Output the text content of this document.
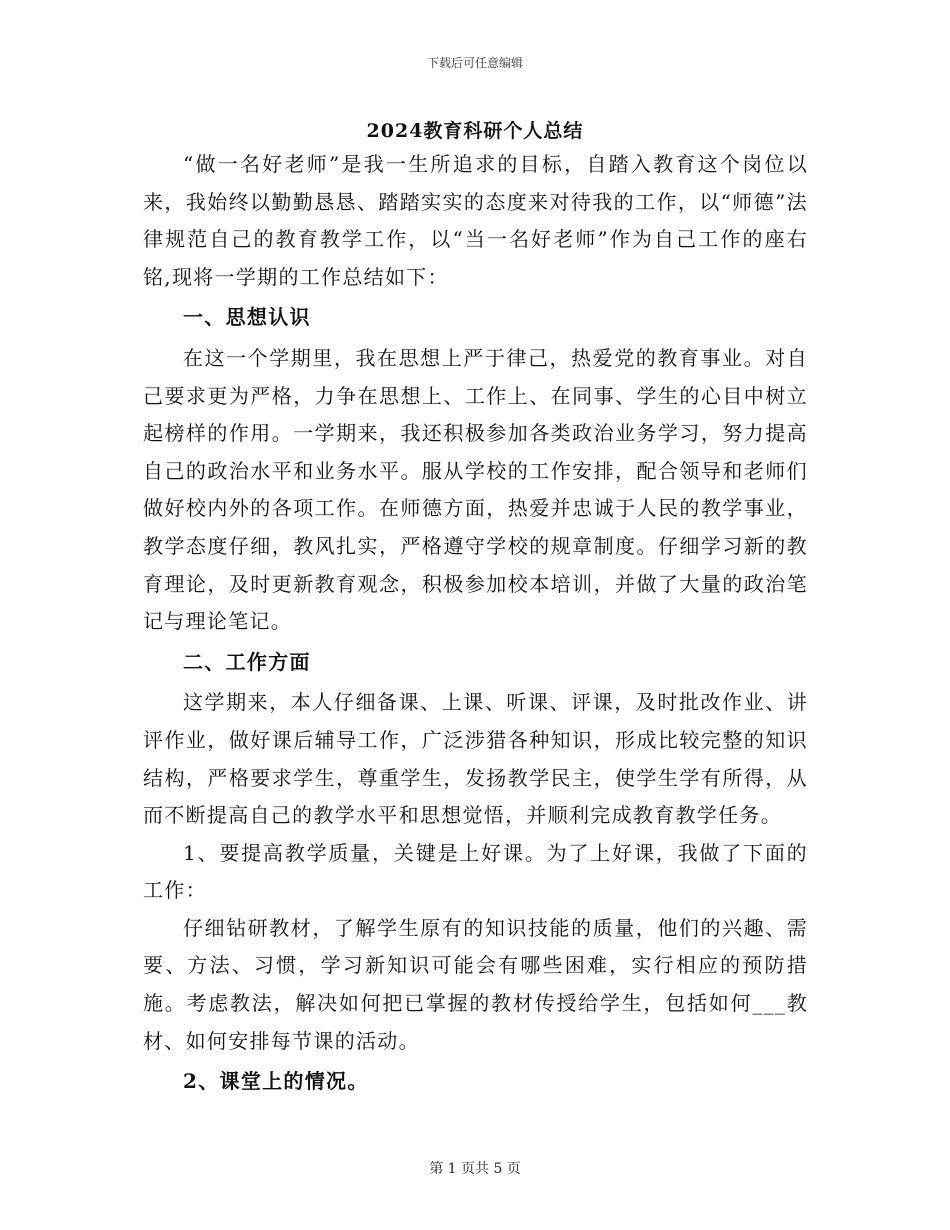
下载后可任意编辑
2024教育科研个人总结

“做一名好老师”是我一生所追求的目标，自踏入教育这个岗位以来，我始终以勤勤恳恳、踏踏实实的态度来对待我的工作，以“师德”法律规范自己的教育教学工作，以“当一名好老师”作为自己工作的座右铭,现将一学期的工作总结如下：

一、思想认识

在这一个学期里，我在思想上严于律己，热爱党的教育事业。对自己要求更为严格，力争在思想上、工作上、在同事、学生的心目中树立起榜样的作用。一学期来，我还积极参加各类政治业务学习，努力提高自己的政治水平和业务水平。服从学校的工作安排，配合领导和老师们做好校内外的各项工作。在师德方面，热爱并忠诚于人民的教学事业，教学态度仔细，教风扎实，严格遵守学校的规章制度。仔细学习新的教育理论，及时更新教育观念，积极参加校本培训，并做了大量的政治笔记与理论笔记。

二、工作方面

这学期来，本人仔细备课、上课、听课、评课，及时批改作业、讲评作业，做好课后辅导工作，广泛涉猎各种知识，形成比较完整的知识结构，严格要求学生，尊重学生，发扬教学民主，使学生学有所得，从而不断提高自己的教学水平和思想觉悟，并顺利完成教育教学任务。

1、要提高教学质量，关键是上好课。为了上好课，我做了下面的工作：

仔细钻研教材，了解学生原有的知识技能的质量，他们的兴趣、需要、方法、习惯，学习新知识可能会有哪些困难，实行相应的预防措施。考虑教法，解决如何把已掌握的教材传授给学生，包括如何___教材、如何安排每节课的活动。

2、课堂上的情况。

第 1 页共 5 页
